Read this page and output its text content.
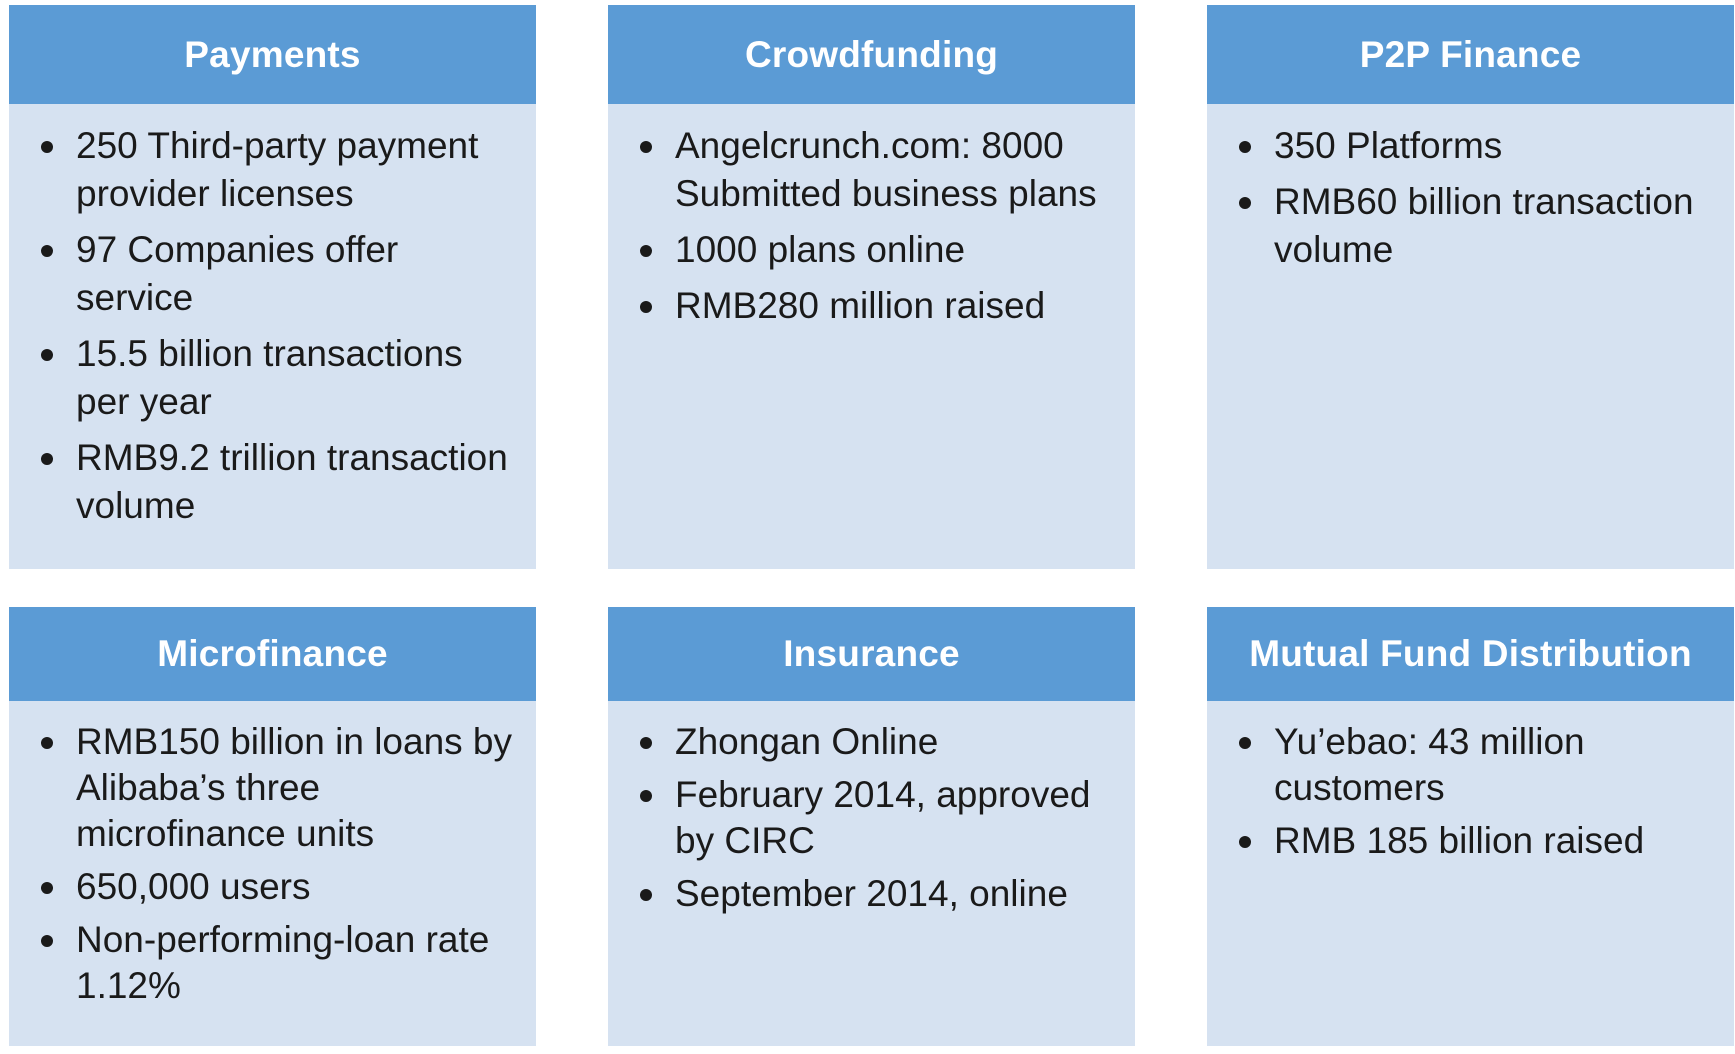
Payments
250 Third-party payment provider licenses
97 Companies offer service
15.5 billion transactions per year
RMB9.2 trillion transaction volume
Crowdfunding
Angelcrunch.com: 8000 Submitted business plans
1000 plans online
RMB280 million raised
P2P Finance
350 Platforms
RMB60 billion transaction volume
Microfinance
RMB150 billion in loans by Alibaba’s three microfinance units
650,000 users
Non-performing-loan rate 1.12%
Insurance
Zhongan Online
February 2014, approved by CIRC
September 2014, online
Mutual Fund Distribution
Yu’ebao: 43 million customers
RMB 185 billion raised
